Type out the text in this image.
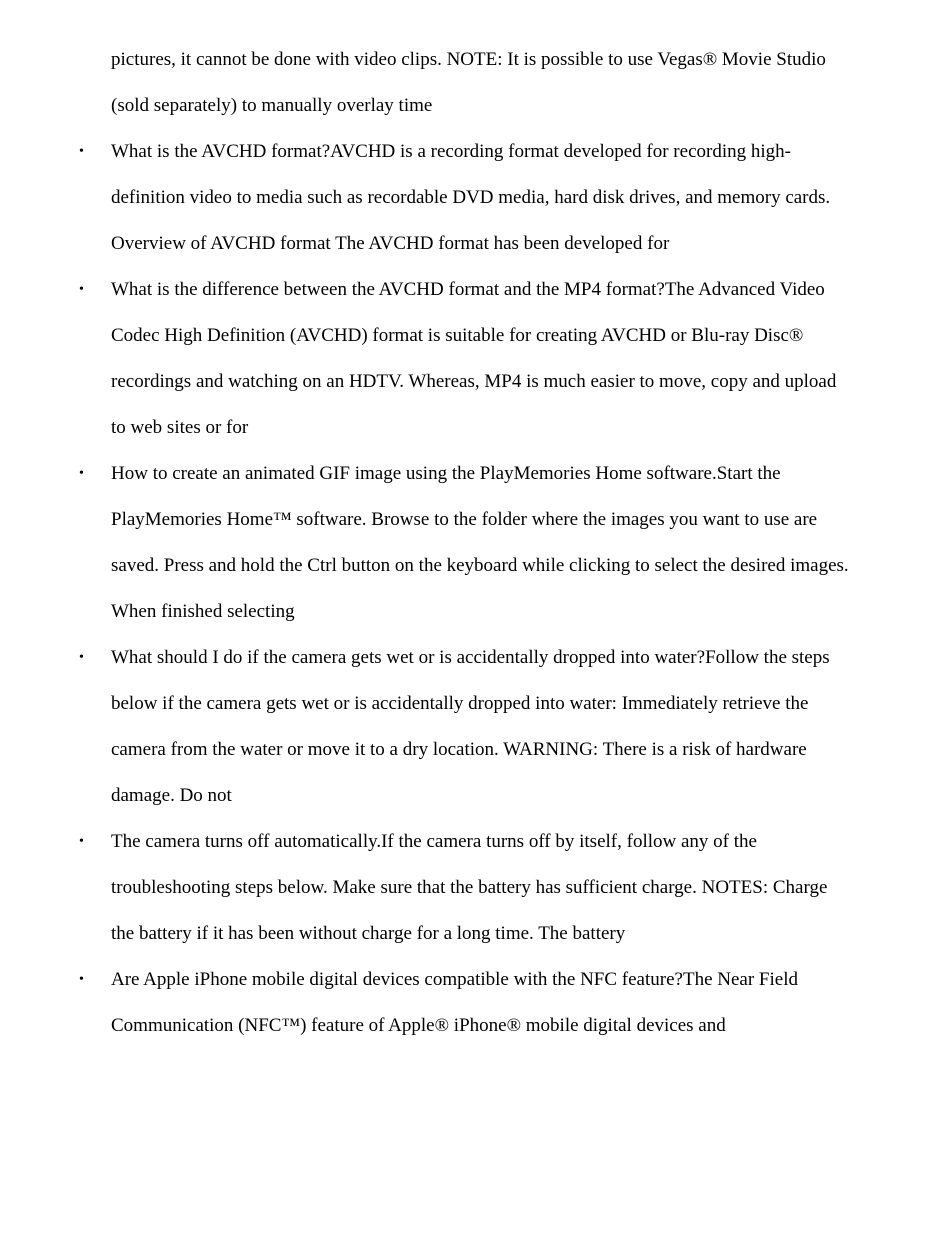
pictures, it cannot be done with video clips. NOTE: It is possible to use Vegas® Movie Studio (sold separately) to manually overlay time

• What is the AVCHD format?AVCHD is a recording format developed for recording high-definition video to media such as recordable DVD media, hard disk drives, and memory cards. Overview of AVCHD format The AVCHD format has been developed for
• What is the difference between the AVCHD format and the MP4 format?The Advanced Video Codec High Definition (AVCHD) format is suitable for creating AVCHD or Blu-ray Disc® recordings and watching on an HDTV. Whereas, MP4 is much easier to move, copy and upload to web sites or for
• How to create an animated GIF image using the PlayMemories Home software.Start the PlayMemories Home™ software. Browse to the folder where the images you want to use are saved. Press and hold the Ctrl button on the keyboard while clicking to select the desired images. When finished selecting
• What should I do if the camera gets wet or is accidentally dropped into water?Follow the steps below if the camera gets wet or is accidentally dropped into water: Immediately retrieve the camera from the water or move it to a dry location. WARNING: There is a risk of hardware damage. Do not
• The camera turns off automatically.If the camera turns off by itself, follow any of the troubleshooting steps below. Make sure that the battery has sufficient charge. NOTES: Charge the battery if it has been without charge for a long time. The battery
• Are Apple iPhone mobile digital devices compatible with the NFC feature?The Near Field Communication (NFC™) feature of Apple® iPhone® mobile digital devices and
